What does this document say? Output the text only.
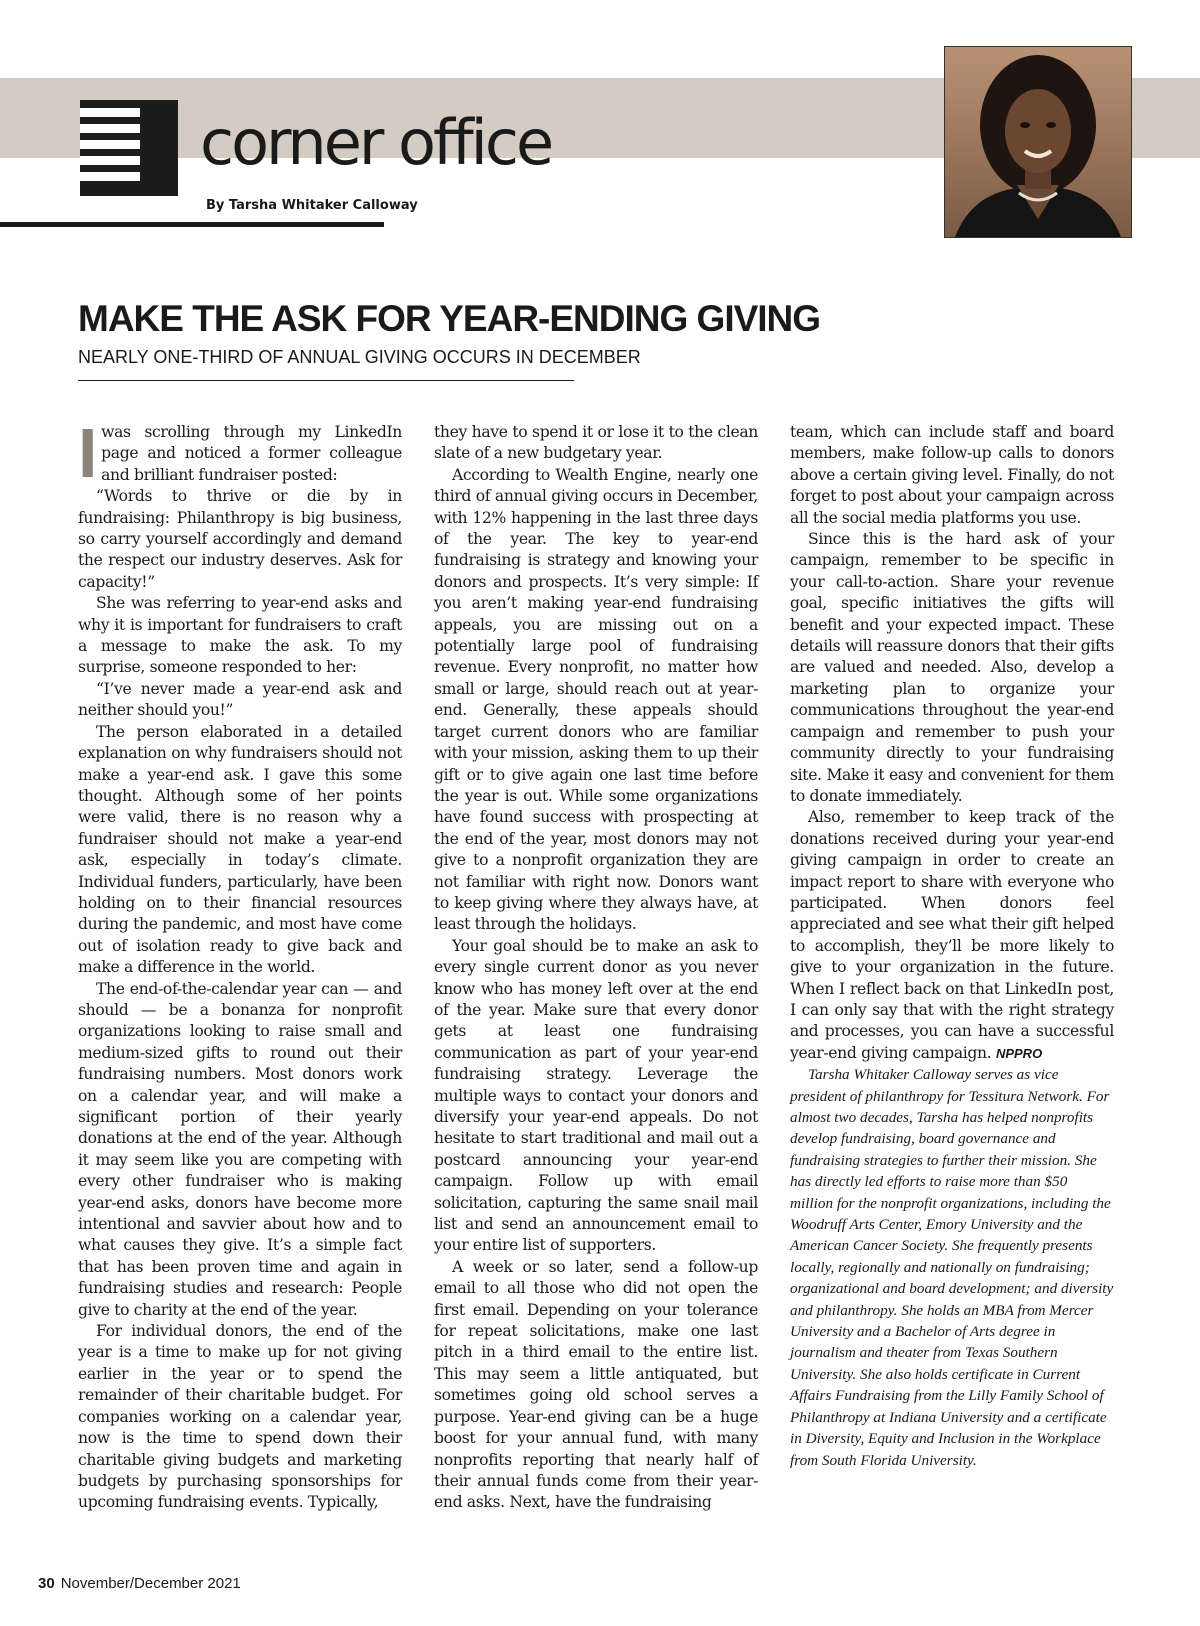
corner office

By Tarsha Whitaker Calloway

MAKE THE ASK FOR YEAR-ENDING GIVING

NEARLY ONE-THIRD OF ANNUAL GIVING OCCURS IN DECEMBER

I was scrolling through my LinkedIn page and noticed a former colleague and brilliant fundraiser posted:

“Words to thrive or die by in fundraising: Philanthropy is big business, so carry yourself accordingly and demand the respect our industry deserves. Ask for capacity!”

She was referring to year-end asks and why it is important for fundraisers to craft a message to make the ask. To my surprise, someone responded to her:

“I’ve never made a year-end ask and neither should you!”

The person elaborated in a detailed explanation on why fundraisers should not make a year-end ask. I gave this some thought. Although some of her points were valid, there is no reason why a fundraiser should not make a year-end ask, especially in today’s climate. Individual funders, particularly, have been holding on to their financial resources during the pandemic, and most have come out of isolation ready to give back and make a difference in the world.

The end-of-the-calendar year can — and should — be a bonanza for nonprofit organizations looking to raise small and medium-sized gifts to round out their fundraising numbers. Most donors work on a calendar year, and will make a significant portion of their yearly donations at the end of the year. Although it may seem like you are competing with every other fundraiser who is making year-end asks, donors have become more intentional and savvier about how and to what causes they give. It’s a simple fact that has been proven time and again in fundraising studies and research: People give to charity at the end of the year.

For individual donors, the end of the year is a time to make up for not giving earlier in the year or to spend the remainder of their charitable budget. For companies working on a calendar year, now is the time to spend down their charitable giving budgets and marketing budgets by purchasing sponsorships for upcoming fundraising events. Typically,

they have to spend it or lose it to the clean slate of a new budgetary year.

According to Wealth Engine, nearly one third of annual giving occurs in December, with 12% happening in the last three days of the year. The key to year-end fundraising is strategy and knowing your donors and prospects. It’s very simple: If you aren’t making year-end fundraising appeals, you are missing out on a potentially large pool of fundraising revenue. Every nonprofit, no matter how small or large, should reach out at year-end. Generally, these appeals should target current donors who are familiar with your mission, asking them to up their gift or to give again one last time before the year is out. While some organizations have found success with prospecting at the end of the year, most donors may not give to a nonprofit organization they are not familiar with right now. Donors want to keep giving where they always have, at least through the holidays.

Your goal should be to make an ask to every single current donor as you never know who has money left over at the end of the year. Make sure that every donor gets at least one fundraising communication as part of your year-end fundraising strategy. Leverage the multiple ways to contact your donors and diversify your year-end appeals. Do not hesitate to start traditional and mail out a postcard announcing your year-end campaign. Follow up with email solicitation, capturing the same snail mail list and send an announcement email to your entire list of supporters.

A week or so later, send a follow-up email to all those who did not open the first email. Depending on your tolerance for repeat solicitations, make one last pitch in a third email to the entire list. This may seem a little antiquated, but sometimes going old school serves a purpose. Year-end giving can be a huge boost for your annual fund, with many nonprofits reporting that nearly half of their annual funds come from their year-end asks. Next, have the fundraising

team, which can include staff and board members, make follow-up calls to donors above a certain giving level. Finally, do not forget to post about your campaign across all the social media platforms you use.

Since this is the hard ask of your campaign, remember to be specific in your call-to-action. Share your revenue goal, specific initiatives the gifts will benefit and your expected impact. These details will reassure donors that their gifts are valued and needed. Also, develop a marketing plan to organize your communications throughout the year-end campaign and remember to push your community directly to your fundraising site. Make it easy and convenient for them to donate immediately.

Also, remember to keep track of the donations received during your year-end giving campaign in order to create an impact report to share with everyone who participated. When donors feel appreciated and see what their gift helped to accomplish, they’ll be more likely to give to your organization in the future. When I reflect back on that LinkedIn post, I can only say that with the right strategy and processes, you can have a successful year-end giving campaign. NPPRO

Tarsha Whitaker Calloway serves as vice president of philanthropy for Tessitura Network. For almost two decades, Tarsha has helped nonprofits develop fundraising, board governance and fundraising strategies to further their mission. She has directly led efforts to raise more than $50 million for the nonprofit organizations, including the Woodruff Arts Center, Emory University and the American Cancer Society. She frequently presents locally, regionally and nationally on fundraising; organizational and board development; and diversity and philanthropy. She holds an MBA from Mercer University and a Bachelor of Arts degree in journalism and theater from Texas Southern University. She also holds certificate in Current Affairs Fundraising from the Lilly Family School of Philanthropy at Indiana University and a certificate in Diversity, Equity and Inclusion in the Workplace from South Florida University.

30 November/December 2021
